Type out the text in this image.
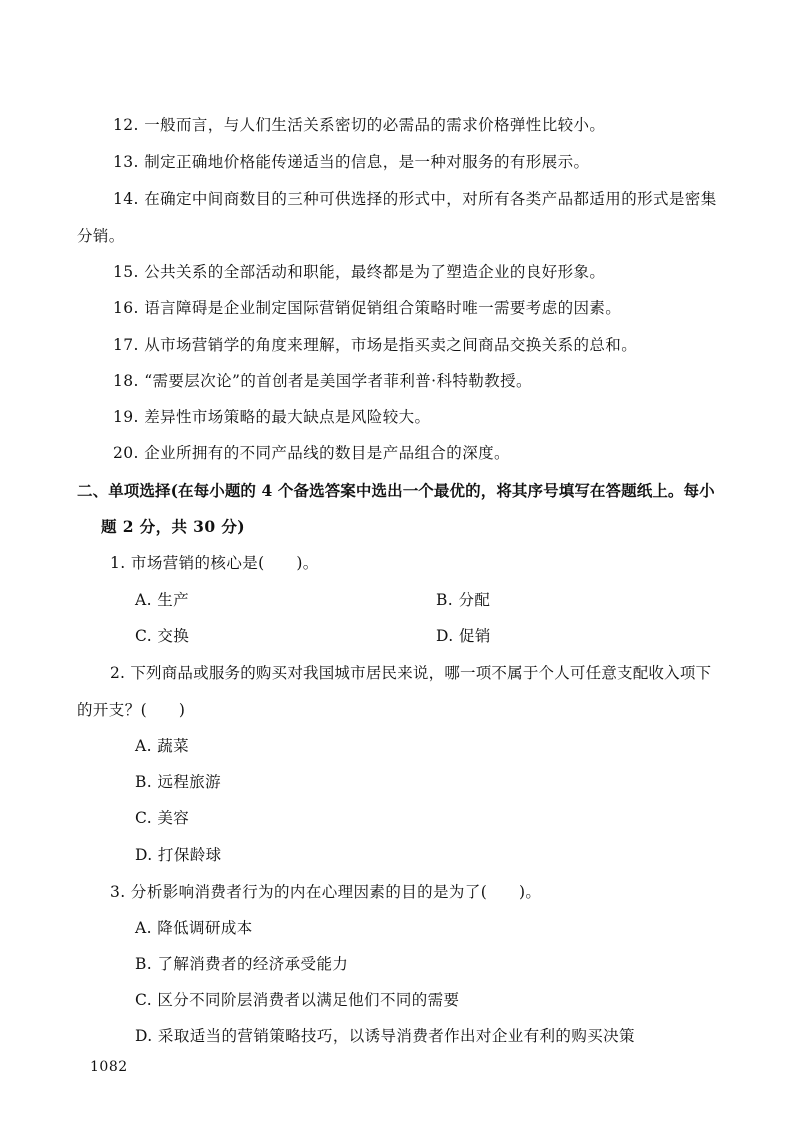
12. 一般而言，与人们生活关系密切的必需品的需求价格弹性比较小。
13. 制定正确地价格能传递适当的信息，是一种对服务的有形展示。
14. 在确定中间商数目的三种可供选择的形式中，对所有各类产品都适用的形式是密集
分销。
15. 公共关系的全部活动和职能，最终都是为了塑造企业的良好形象。
16. 语言障碍是企业制定国际营销促销组合策略时唯一需要考虑的因素。
17. 从市场营销学的角度来理解，市场是指买卖之间商品交换关系的总和。
18. “需要层次论”的首创者是美国学者菲利普·科特勒教授。
19. 差异性市场策略的最大缺点是风险较大。
20. 企业所拥有的不同产品线的数目是产品组合的深度。
二、单项选择(在每小题的 4 个备选答案中选出一个最优的，将其序号填写在答题纸上。每小
题 2 分，共 30 分)
1. 市场营销的核心是(　　)。
A. 生产	B. 分配
C. 交换	D. 促销
2. 下列商品或服务的购买对我国城市居民来说，哪一项不属于个人可任意支配收入项下
的开支？(　　)
A. 蔬菜
B. 远程旅游
C. 美容
D. 打保龄球
3. 分析影响消费者行为的内在心理因素的目的是为了(　　)。
A. 降低调研成本
B. 了解消费者的经济承受能力
C. 区分不同阶层消费者以满足他们不同的需要
D. 采取适当的营销策略技巧，以诱导消费者作出对企业有利的购买决策
1082
